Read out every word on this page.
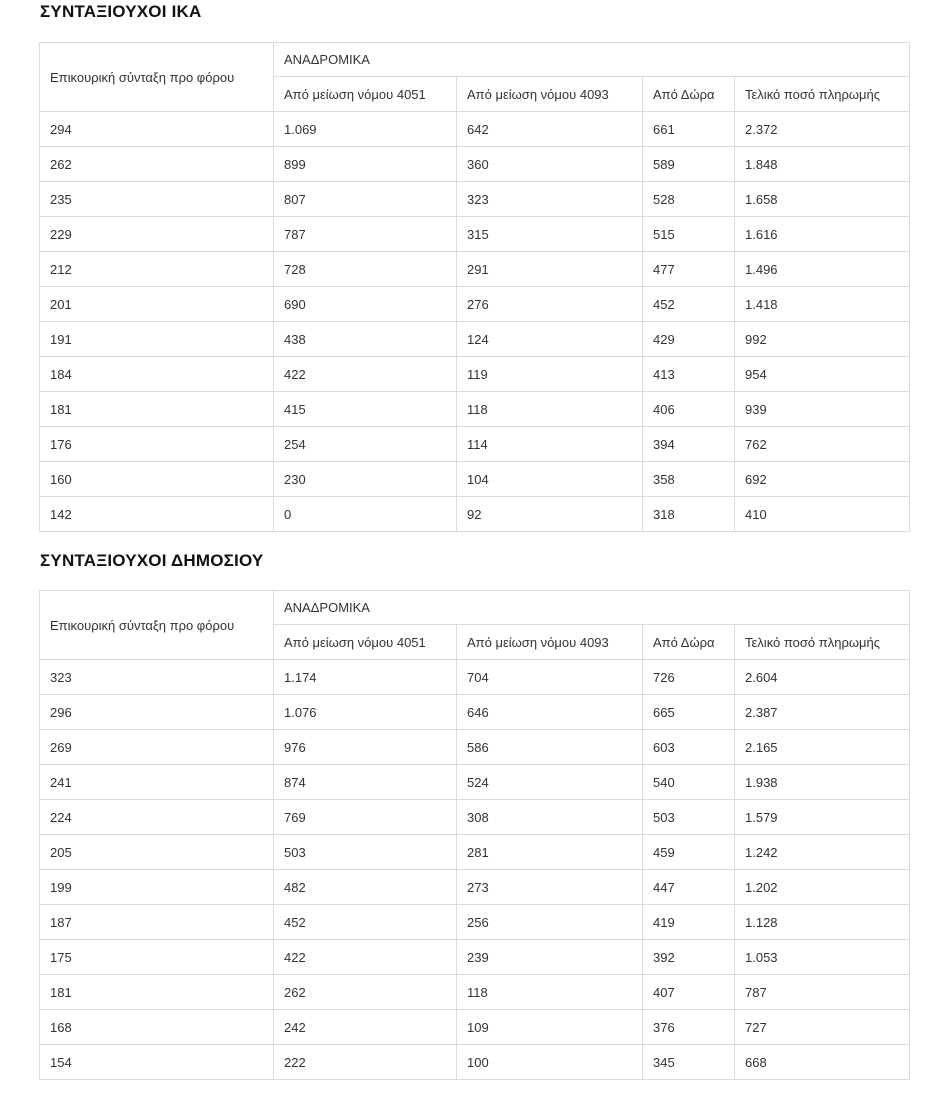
ΣΥΝΤΑΞΙΟΥΧΟΙ ΙΚΑ
Επικουρική σύνταξη προ φόρου	ΑΝΑΔΡΟΜΙΚΑ			
	Από μείωση νόμου 4051	Από μείωση νόμου 4093	Από Δώρα	Τελικό ποσό πληρωμής
294	1.069	642	661	2.372
262	899	360	589	1.848
235	807	323	528	1.658
229	787	315	515	1.616
212	728	291	477	1.496
201	690	276	452	1.418
191	438	124	429	992
184	422	119	413	954
181	415	118	406	939
176	254	114	394	762
160	230	104	358	692
142	0	92	318	410
ΣΥΝΤΑΞΙΟΥΧΟΙ ΔΗΜΟΣΙΟΥ
Επικουρική σύνταξη προ φόρου	ΑΝΑΔΡΟΜΙΚΑ			
	Από μείωση νόμου 4051	Από μείωση νόμου 4093	Από Δώρα	Τελικό ποσό πληρωμής
323	1.174	704	726	2.604
296	1.076	646	665	2.387
269	976	586	603	2.165
241	874	524	540	1.938
224	769	308	503	1.579
205	503	281	459	1.242
199	482	273	447	1.202
187	452	256	419	1.128
175	422	239	392	1.053
181	262	118	407	787
168	242	109	376	727
154	222	100	345	668
